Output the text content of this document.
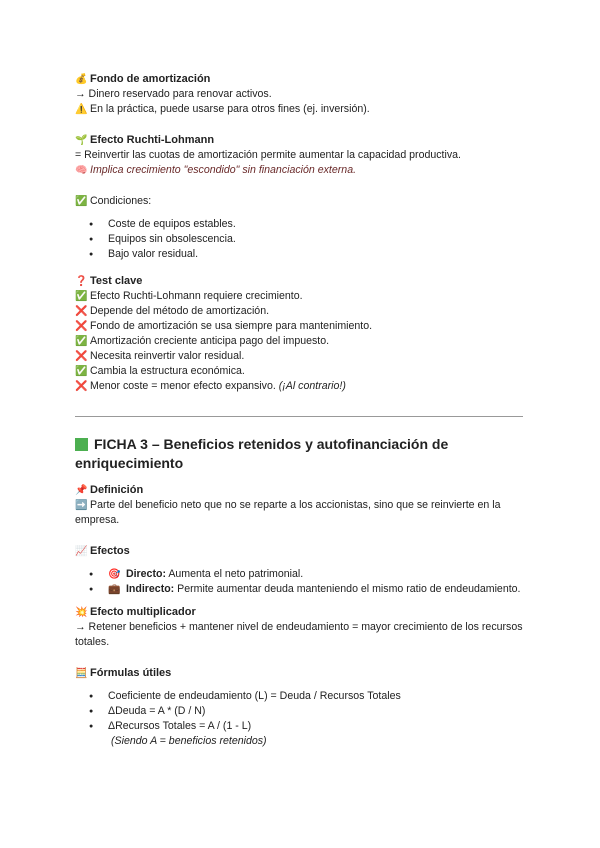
💰 Fondo de amortización

→ Dinero reservado para renovar activos.

⚠️ En la práctica, puede usarse para otros fines (ej. inversión).

🌱 Efecto Ruchti-Lohmann

= Reinvertir las cuotas de amortización permite aumentar la capacidad productiva.

🧠 Implica crecimiento "escondido" sin financiación externa.

✅ Condiciones:

● Coste de equipos estables.
● Equipos sin obsolescencia.
● Bajo valor residual.
❓ Test clave

✅ Efecto Ruchti-Lohmann requiere crecimiento.

❌ Depende del método de amortización.

❌ Fondo de amortización se usa siempre para mantenimiento.

✅ Amortización creciente anticipa pago del impuesto.

❌ Necesita reinvertir valor residual.

✅ Cambia la estructura económica.

❌ Menor coste = menor efecto expansivo. (¡Al contrario!)

FICHA 3 – Beneficios retenidos y autofinanciación de enriquecimiento
📌 Definición

➡️ Parte del beneficio neto que no se reparte a los accionistas, sino que se reinvierte en la empresa.

📈 Efectos
● 🎯 Directo: Aumenta el neto patrimonial.
● 💼 Indirecto: Permite aumentar deuda manteniendo el mismo ratio de endeudamiento.
💥 Efecto multiplicador

→ Retener beneficios + mantener nivel de endeudamiento = mayor crecimiento de los recursos totales.

🧮 Fórmulas útiles
● Coeficiente de endeudamiento (L) = Deuda / Recursos Totales
● ΔDeuda = A * (D / N)
● ΔRecursos Totales = A / (1 - L)

(Siendo A = beneficios retenidos)
